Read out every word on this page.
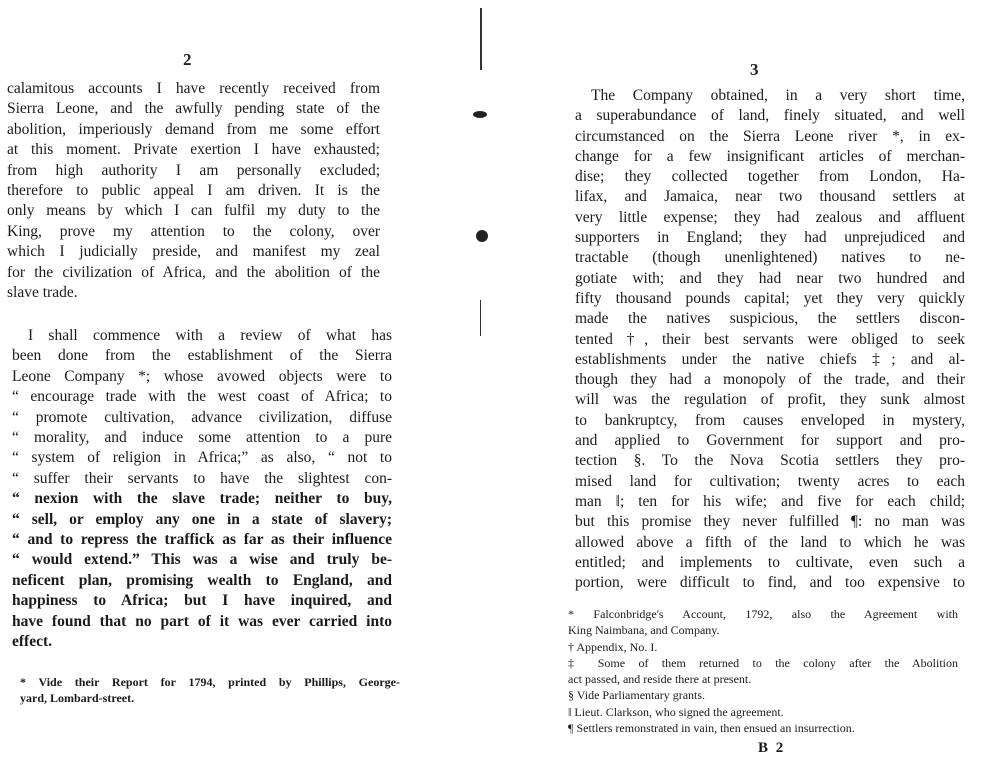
2
calamitous accounts I have recently received from
Sierra Leone, and the awfully pending state of the
abolition, imperiously demand from me some effort
at this moment. Private exertion I have exhausted;
from high authority I am personally excluded;
therefore to public appeal I am driven. It is the
only means by which I can fulfil my duty to the
King, prove my attention to the colony, over
which I judicially preside, and manifest my zeal
for the civilization of Africa, and the abolition of the
slave trade.
I shall commence with a review of what has
been done from the establishment of the Sierra
Leone Company *; whose avowed objects were to
“ encourage trade with the west coast of Africa; to
“ promote cultivation, advance civilization, diffuse
“ morality, and induce some attention to a pure
“ system of religion in Africa;” as also, “ not to
“ suffer their servants to have the slightest con-
“ nexion with the slave trade; neither to buy,
“ sell, or employ any one in a state of slavery;
“ and to repress the traffick as far as their influence
“ would extend.” This was a wise and truly be-
neficent plan, promising wealth to England, and
happiness to Africa; but I have inquired, and
have found that no part of it was ever carried into
effect.
* Vide their Report for 1794, printed by Phillips, George-
yard, Lombard-street.
3
The Company obtained, in a very short time,
a superabundance of land, finely situated, and well
circumstanced on the Sierra Leone river *, in ex-
change for a few insignificant articles of merchan-
dise; they collected together from London, Ha-
lifax, and Jamaica, near two thousand settlers at
very little expense; they had zealous and affluent
supporters in England; they had unprejudiced and
tractable (though unenlightened) natives to ne-
gotiate with; and they had near two hundred and
fifty thousand pounds capital; yet they very quickly
made the natives suspicious, the settlers discon-
tented †, their best servants were obliged to seek
establishments under the native chiefs ‡; and al-
though they had a monopoly of the trade, and their
will was the regulation of profit, they sunk almost
to bankruptcy, from causes enveloped in mystery,
and applied to Government for support and pro-
tection §. To the Nova Scotia settlers they pro-
mised land for cultivation; twenty acres to each
man ‖; ten for his wife; and five for each child;
but this promise they never fulfilled ¶: no man was
allowed above a fifth of the land to which he was
entitled; and implements to cultivate, even such a
portion, were difficult to find, and too expensive to
* Falconbridge's Account, 1792, also the Agreement with
King Naimbana, and Company.
† Appendix, No. I.
‡ Some of them returned to the colony after the Abolition
act passed, and reside there at present.
§ Vide Parliamentary grants.
‖ Lieut. Clarkson, who signed the agreement.
¶ Settlers remonstrated in vain, then ensued an insurrection.
B 2
